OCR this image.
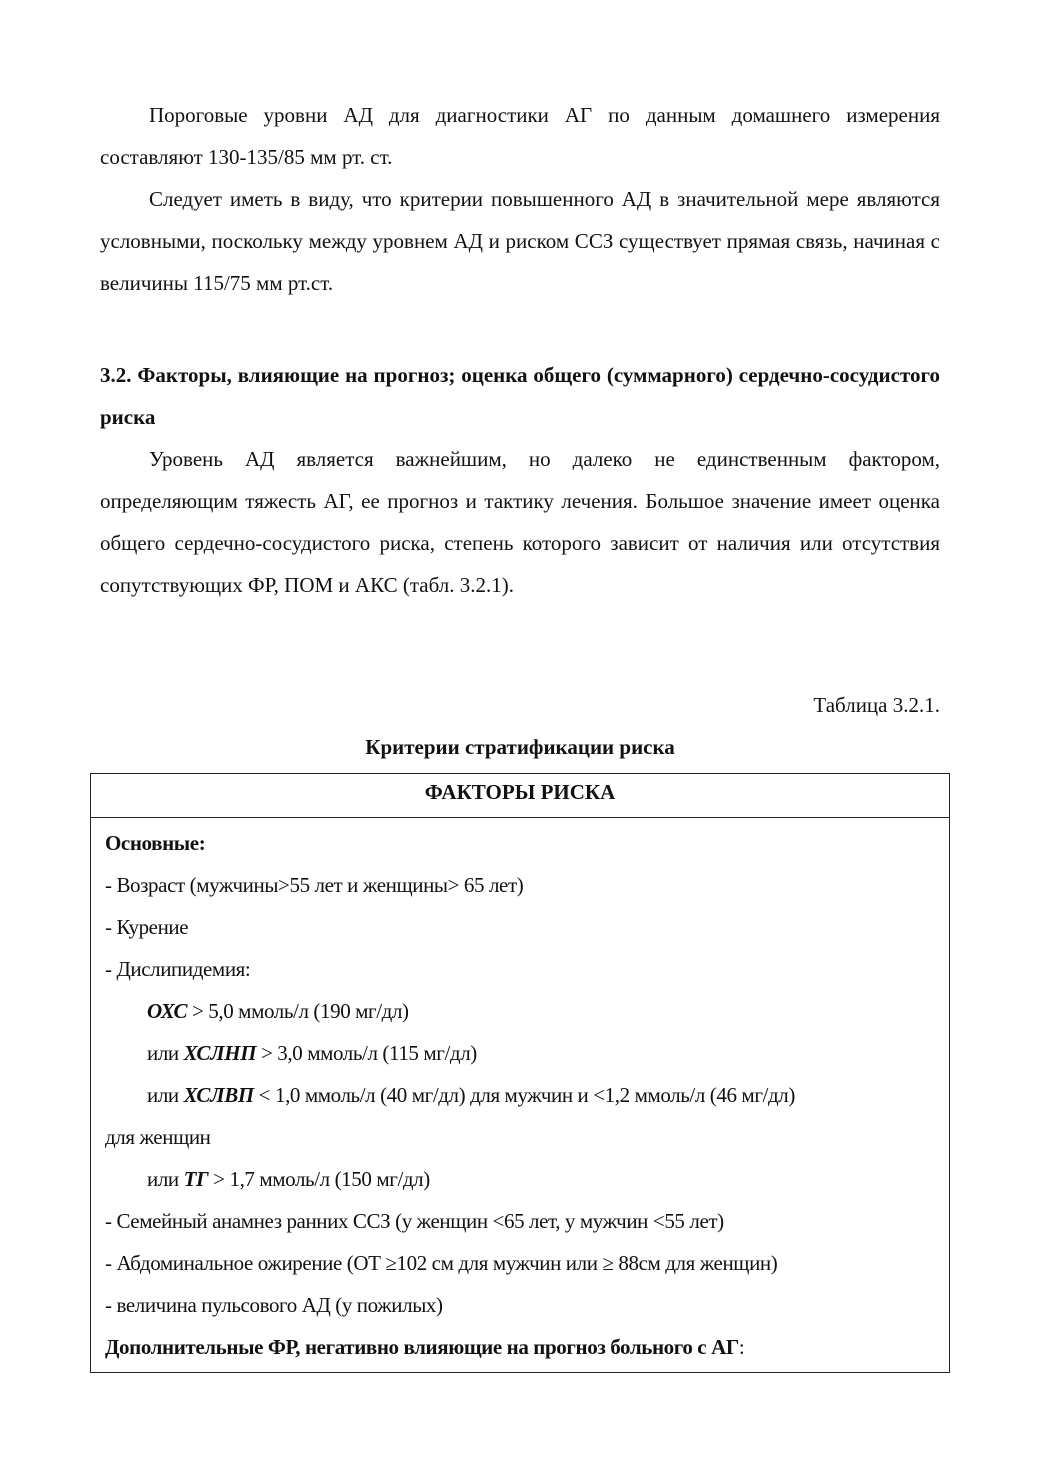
Пороговые уровни АД для диагностики АГ по данным домашнего измерения составляют 130-135/85 мм рт. ст.

Следует иметь в виду, что критерии повышенного АД в значительной мере являются условными, поскольку между уровнем АД и риском ССЗ существует прямая связь, начиная с величины 115/75 мм рт.ст.

3.2. Факторы, влияющие на прогноз; оценка общего (суммарного) сердечно-сосудистого риска

Уровень АД является важнейшим, но далеко не единственным фактором, определяющим тяжесть АГ, ее прогноз и тактику лечения. Большое значение имеет оценка общего сердечно-сосудистого риска, степень которого зависит от наличия или отсутствия сопутствующих ФР, ПОМ и АКС (табл. 3.2.1).

Таблица 3.2.1.

Критерии стратификации риска

ФАКТОРЫ РИСКА
Основные:
- Возраст (мужчины>55 лет и женщины> 65 лет)
- Курение
- Дислипидемия:
ОХС > 5,0 ммоль/л (190 мг/дл)
или ХСЛНП > 3,0 ммоль/л (115 мг/дл)
или ХСЛВП < 1,0 ммоль/л (40 мг/дл) для мужчин и <1,2 ммоль/л (46 мг/дл)
для женщин
или ТГ > 1,7 ммоль/л (150 мг/дл)
- Семейный анамнез ранних ССЗ (у женщин <65 лет, у мужчин <55 лет)
- Абдоминальное ожирение (ОТ ≥102 см для мужчин или ≥ 88см для женщин)
- величина пульсового АД (у пожилых)
Дополнительные ФР, негативно влияющие на прогноз больного с АГ:
